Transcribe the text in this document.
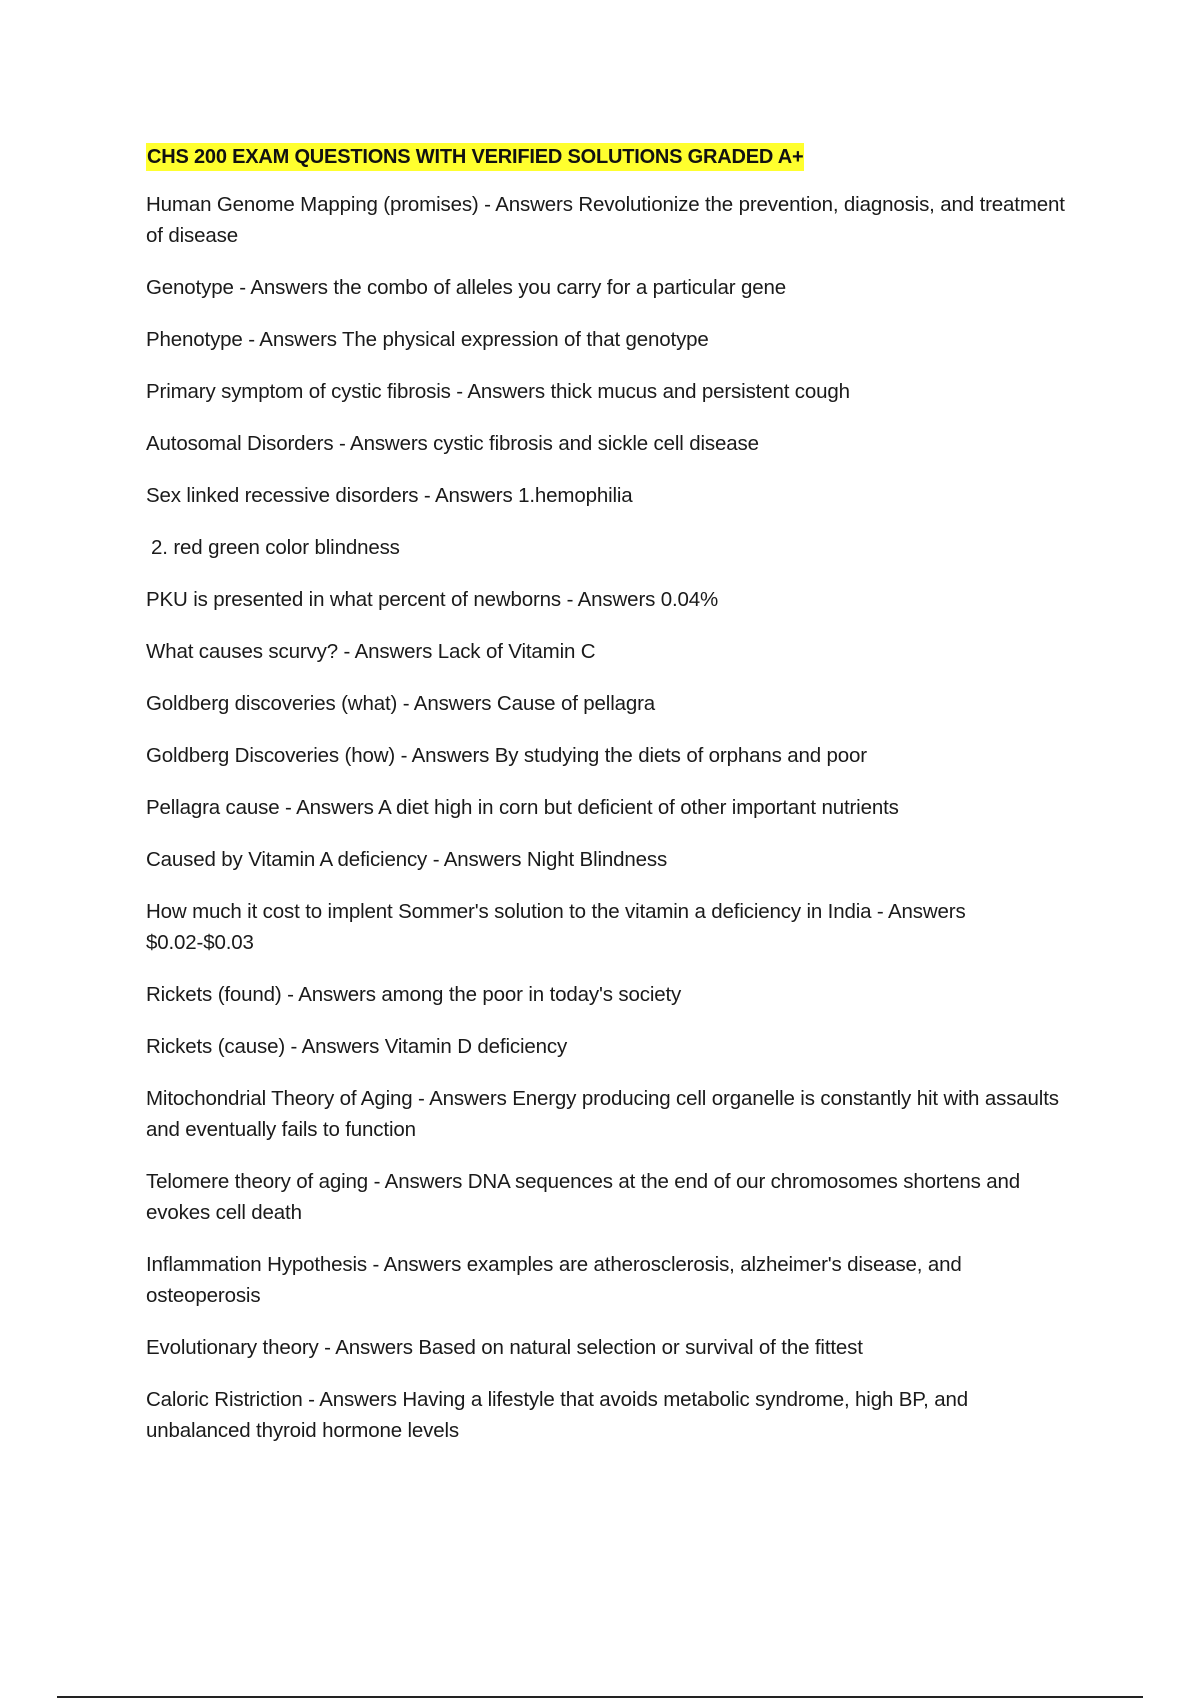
CHS 200 EXAM QUESTIONS WITH VERIFIED SOLUTIONS GRADED A+
Human Genome Mapping (promises) - Answers Revolutionize the prevention, diagnosis, and treatment of disease
Genotype - Answers the combo of alleles you carry for a particular gene
Phenotype - Answers The physical expression of that genotype
Primary symptom of cystic fibrosis - Answers thick mucus and persistent cough
Autosomal Disorders - Answers cystic fibrosis and sickle cell disease
Sex linked recessive disorders - Answers 1.hemophilia
2. red green color blindness
PKU is presented in what percent of newborns - Answers 0.04%
What causes scurvy? - Answers Lack of Vitamin C
Goldberg discoveries (what) - Answers Cause of pellagra
Goldberg Discoveries (how) - Answers By studying the diets of orphans and poor
Pellagra cause - Answers A diet high in corn but deficient of other important nutrients
Caused by Vitamin A deficiency - Answers Night Blindness
How much it cost to implent Sommer's solution to the vitamin a deficiency in India - Answers $0.02-$0.03
Rickets (found) - Answers among the poor in today's society
Rickets (cause) - Answers Vitamin D deficiency
Mitochondrial Theory of Aging - Answers Energy producing cell organelle is constantly hit with assaults and eventually fails to function
Telomere theory of aging - Answers DNA sequences at the end of our chromosomes shortens and evokes cell death
Inflammation Hypothesis - Answers examples are atherosclerosis, alzheimer's disease, and osteoperosis
Evolutionary theory - Answers Based on natural selection or survival of the fittest
Caloric Ristriction - Answers Having a lifestyle that avoids metabolic syndrome, high BP, and unbalanced thyroid hormone levels
